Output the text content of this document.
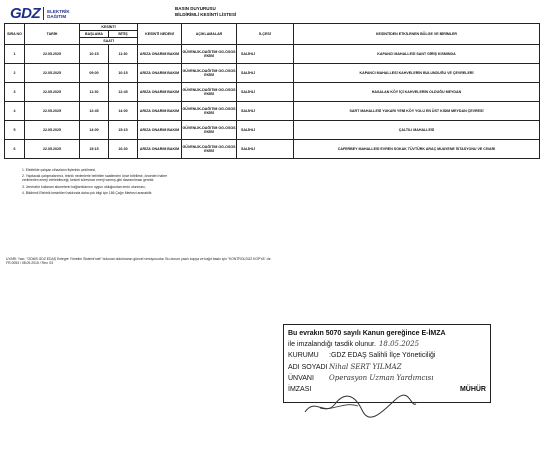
GDZ ELEKTRİK
DAĞITIM
BASIN DUYURUSU
BİLDİRİMLİ KESİNTİ LİSTESİ
SIRA NO	TARİH	KESİNTİ		KESİNTİ NEDENİ	AÇIKLAMALAR	İLÇESİ	KESİNTİDEN ETKİLENEN BÖLGE VE BİRİMLER
		BAŞLAMA	BİTİŞ				
		SAATİ					
1	22.05.2025	10:15	11:30	ARIZA ONARIM BAKIM	GÜVENLİK-DAĞITIM OG-OSOS EKİBİ	SALİHLİ	KAPANCI MAHALLESİ SANT GİRİŞ KISMINDA
2	22.05.2025	09:00	10:15	ARIZA ONARIM BAKIM	GÜVENLİK-DAĞITIM OG-OSOS EKİBİ	SALİHLİ	KAPANCI MAHALLESİ KAHVELERİN BULUNDUĞU VE ÇEVRELERİ
3	22.05.2025	11:30	12:45	ARIZA ONARIM BAKIM	GÜVENLİK-DAĞITIM OG-OSOS EKİBİ	SALİHLİ	HASALAN KÖY İÇİ KAHVELERİN OLDUĞU MEYDAN
4	22.05.2025	12:45	14:00	ARIZA ONARIM BAKIM	GÜVENLİK-DAĞITIM OG-OSOS EKİBİ	SALİHLİ	SART MAHALLESİ YUKARI YENİ KÖY YOLU EN ÜST KISIM MEYDAN ÇEVRESİ
5	22.05.2025	14:00	15:15	ARIZA ONARIM BAKIM	GÜVENLİK-DAĞITIM OG-OSOS EKİBİ	SALİHLİ	ÇALTILI MAHALLESİ
6	22.05.2025	15:15	16:30	ARIZA ONARIM BAKIM	GÜVENLİK-DAĞITIM OG-OSOS EKİBİ	SALİHLİ	CAFERBEY MAHALLESİ EVREN SOKAK TÜVTÜRK ARAÇ MUAYENE İSTASYONU VE CİVARI

1. Elektrikle çalışan cihazların fişlerinin çekilmesi,

2. Yapılacak çalışmalarımız, teknik nedenlerle belirtilen saatlerden önce bitirilirse, önceden haber verilmeden enerji verilebileceği, kesinti süresince enerji varmış gibi davranılması gerekir.

3. Jeneratör kullanan abonelerin bağlantılarının uygun olduğundan emin olunması,

4. Bildirimli Elektrik kesintileri hakkında daha çok bilgi için 186 Çağrı Merkezi aranabilir.

UYARI: Yazı, "GDMS GDZ EDAŞ Entegre Yönetim Sistemi'nde" bulunan dokümanın güncel versiyonudur. Bu durum yazılı kopya ve kağıt baskı için "KONTROLSÜZ KOPYA" dır.

FR.0053 / 08.09.2015 / Rev. 03

Bu evrakın 5070 sayılı Kanun gereğince E-İMZA
ile imzalandığı tasdik olunur. 18.05.2025
KURUMU	:GDZ EDAŞ Salihli İlçe Yöneticiliği
ADI SOYADI Nihal SERT YILMAZ
ÜNVANI	Operasyon Uzman Yardımcısı
İMZASI	MÜHÜR
